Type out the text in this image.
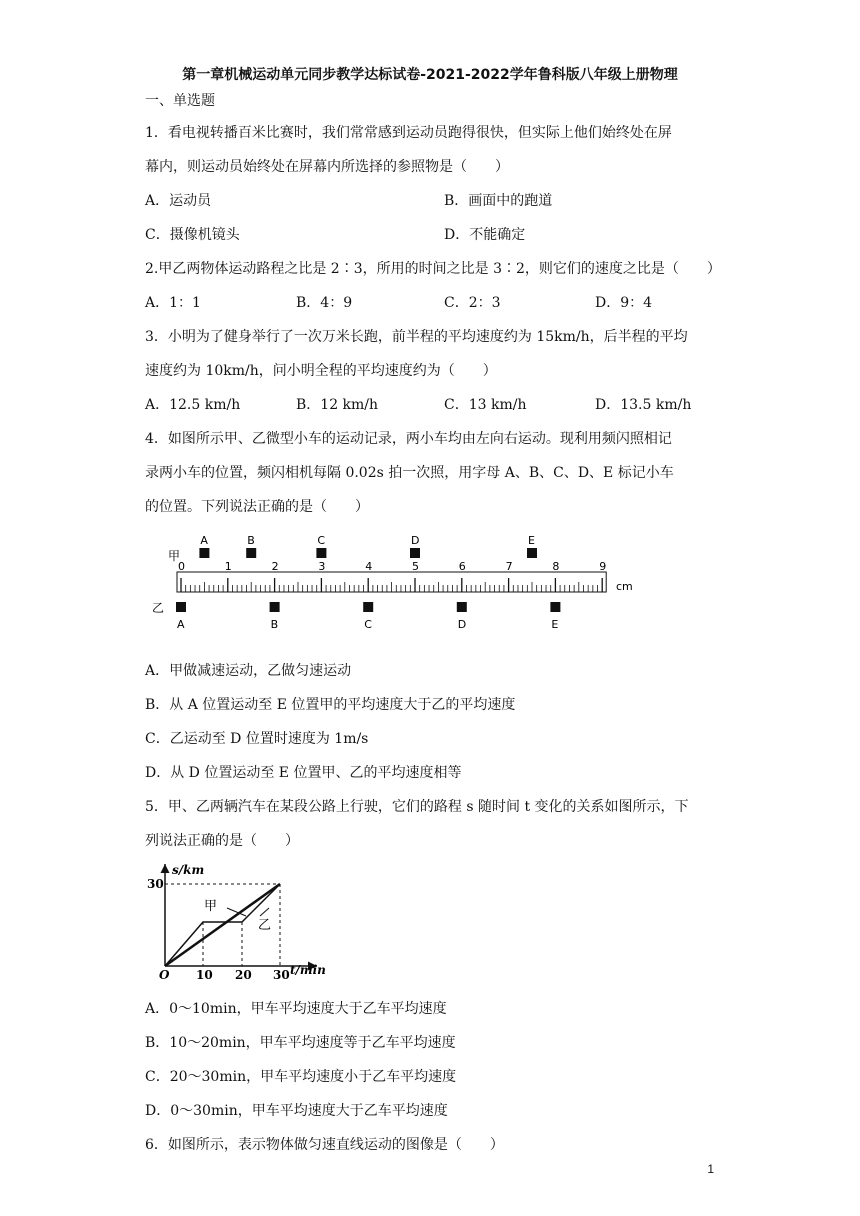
第一章机械运动单元同步教学达标试卷-2021-2022学年鲁科版八年级上册物理
一、单选题
1．看电视转播百米比赛时，我们常常感到运动员跑得很快，但实际上他们始终处在屏
幕内，则运动员始终处在屏幕内所选择的参照物是（　　）
A．运动员	B．画面中的跑道
C．摄像机镜头	D．不能确定
2.甲乙两物体运动路程之比是 2∶3，所用的时间之比是 3∶2，则它们的速度之比是（　　）
A．1：1	B．4：9	C．2：3	D．9：4
3．小明为了健身举行了一次万米长跑，前半程的平均速度约为 15km/h，后半程的平均
速度约为 10km/h，问小明全程的平均速度约为（　　）
A．12.5 km/h	B．12 km/h	C．13 km/h	D．13.5 km/h
4．如图所示甲、乙微型小车的运动记录，两小车均由左向右运动。现利用频闪照相记
录两小车的位置，频闪相机每隔 0.02s 拍一次照，用字母 A、B、C、D、E 标记小车
的位置。下列说法正确的是（　　）
甲
乙
0	1	2	3	4	5	6	7	8	9
A	B	C	D	E
A	B	C	D	E
cm
A．甲做减速运动，乙做匀速运动
B．从 A 位置运动至 E 位置甲的平均速度大于乙的平均速度
C．乙运动至 D 位置时速度为 1m/s
D．从 D 位置运动至 E 位置甲、乙的平均速度相等
5．甲、乙两辆汽车在某段公路上行驶，它们的路程 s 随时间 t 变化的关系如图所示，下
列说法正确的是（　　）
甲
乙
s/km
30
O 10 20 30 t/min
A．0～10min，甲车平均速度大于乙车平均速度
B．10～20min，甲车平均速度等于乙车平均速度
C．20～30min，甲车平均速度小于乙车平均速度
D．0～30min，甲车平均速度大于乙车平均速度
6．如图所示，表示物体做匀速直线运动的图像是（　　）
1
